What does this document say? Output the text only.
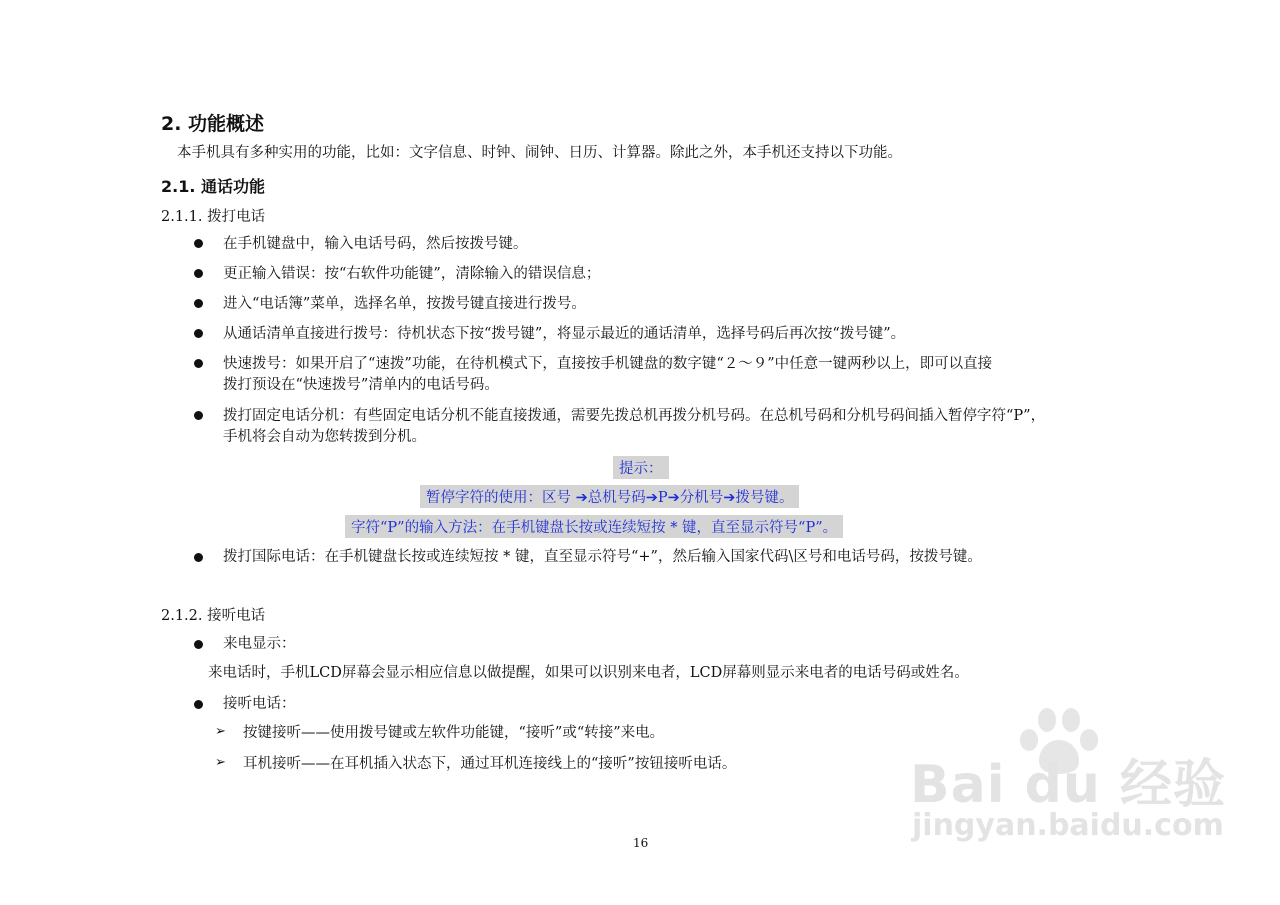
2. 功能概述
本手机具有多种实用的功能，比如：文字信息、时钟、闹钟、日历、计算器。除此之外，本手机还支持以下功能。
2.1. 通话功能
2.1.1. 拨打电话
在手机键盘中，输入电话号码，然后按拨号键。
更正输入错误：按“右软件功能键”，清除输入的错误信息；
进入“电话簿”菜单，选择名单，按拨号键直接进行拨号。
从通话清单直接进行拨号：待机状态下按“拨号键”，将显示最近的通话清单，选择号码后再次按“拨号键”。
快速拨号：如果开启了“速拨”功能，在待机模式下，直接按手机键盘的数字键“２～９”中任意一键两秒以上，即可以直接
拨打预设在“快速拨号”清单内的电话号码。
拨打固定电话分机：有些固定电话分机不能直接拨通，需要先拨总机再拨分机号码。在总机号码和分机号码间插入暂停字符“P”，
手机将会自动为您转拨到分机。
提示：
暂停字符的使用：区号 ➔总机号码➔P➔分机号➔拨号键。
字符“P”的输入方法：在手机键盘长按或连续短按 * 键，直至显示符号“P”。
拨打国际电话：在手机键盘长按或连续短按 * 键，直至显示符号“+”，然后输入国家代码\区号和电话号码，按拨号键。
2.1.2. 接听电话
来电显示：
来电话时，手机LCD屏幕会显示相应信息以做提醒，如果可以识别来电者，LCD屏幕则显示来电者的电话号码或姓名。
接听电话：
➢ 按键接听——使用拨号键或左软件功能键，“接听”或“转接”来电。
➢ 耳机接听——在耳机插入状态下，通过耳机连接线上的“接听”按钮接听电话。
16
Bai du 经验
jingyan.baidu.com
